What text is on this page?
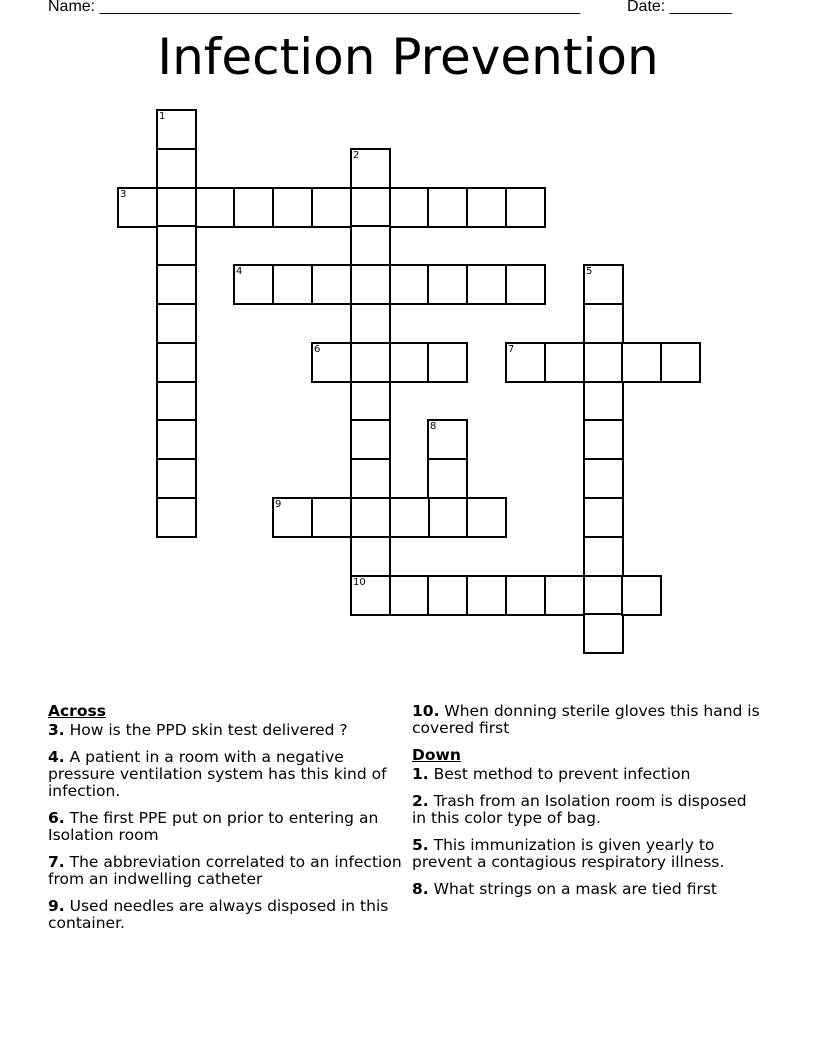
Name: ______________________________________________________	Date: _______
Infection Prevention
1
2
10
3
4	5
6	7
8
9
Across
3. How is the PPD skin test delivered ?
4. A patient in a room with a negative pressure ventilation system has this kind of infection.
6. The first PPE put on prior to entering an Isolation room
7. The abbreviation correlated to an infection from an indwelling catheter
9. Used needles are always disposed in this container.
10. When donning sterile gloves this hand is covered first
Down
1. Best method to prevent infection
2. Trash from an Isolation room is disposed in this color type of bag.
5. This immunization is given yearly to prevent a contagious respiratory illness.
8. What strings on a mask are tied first
